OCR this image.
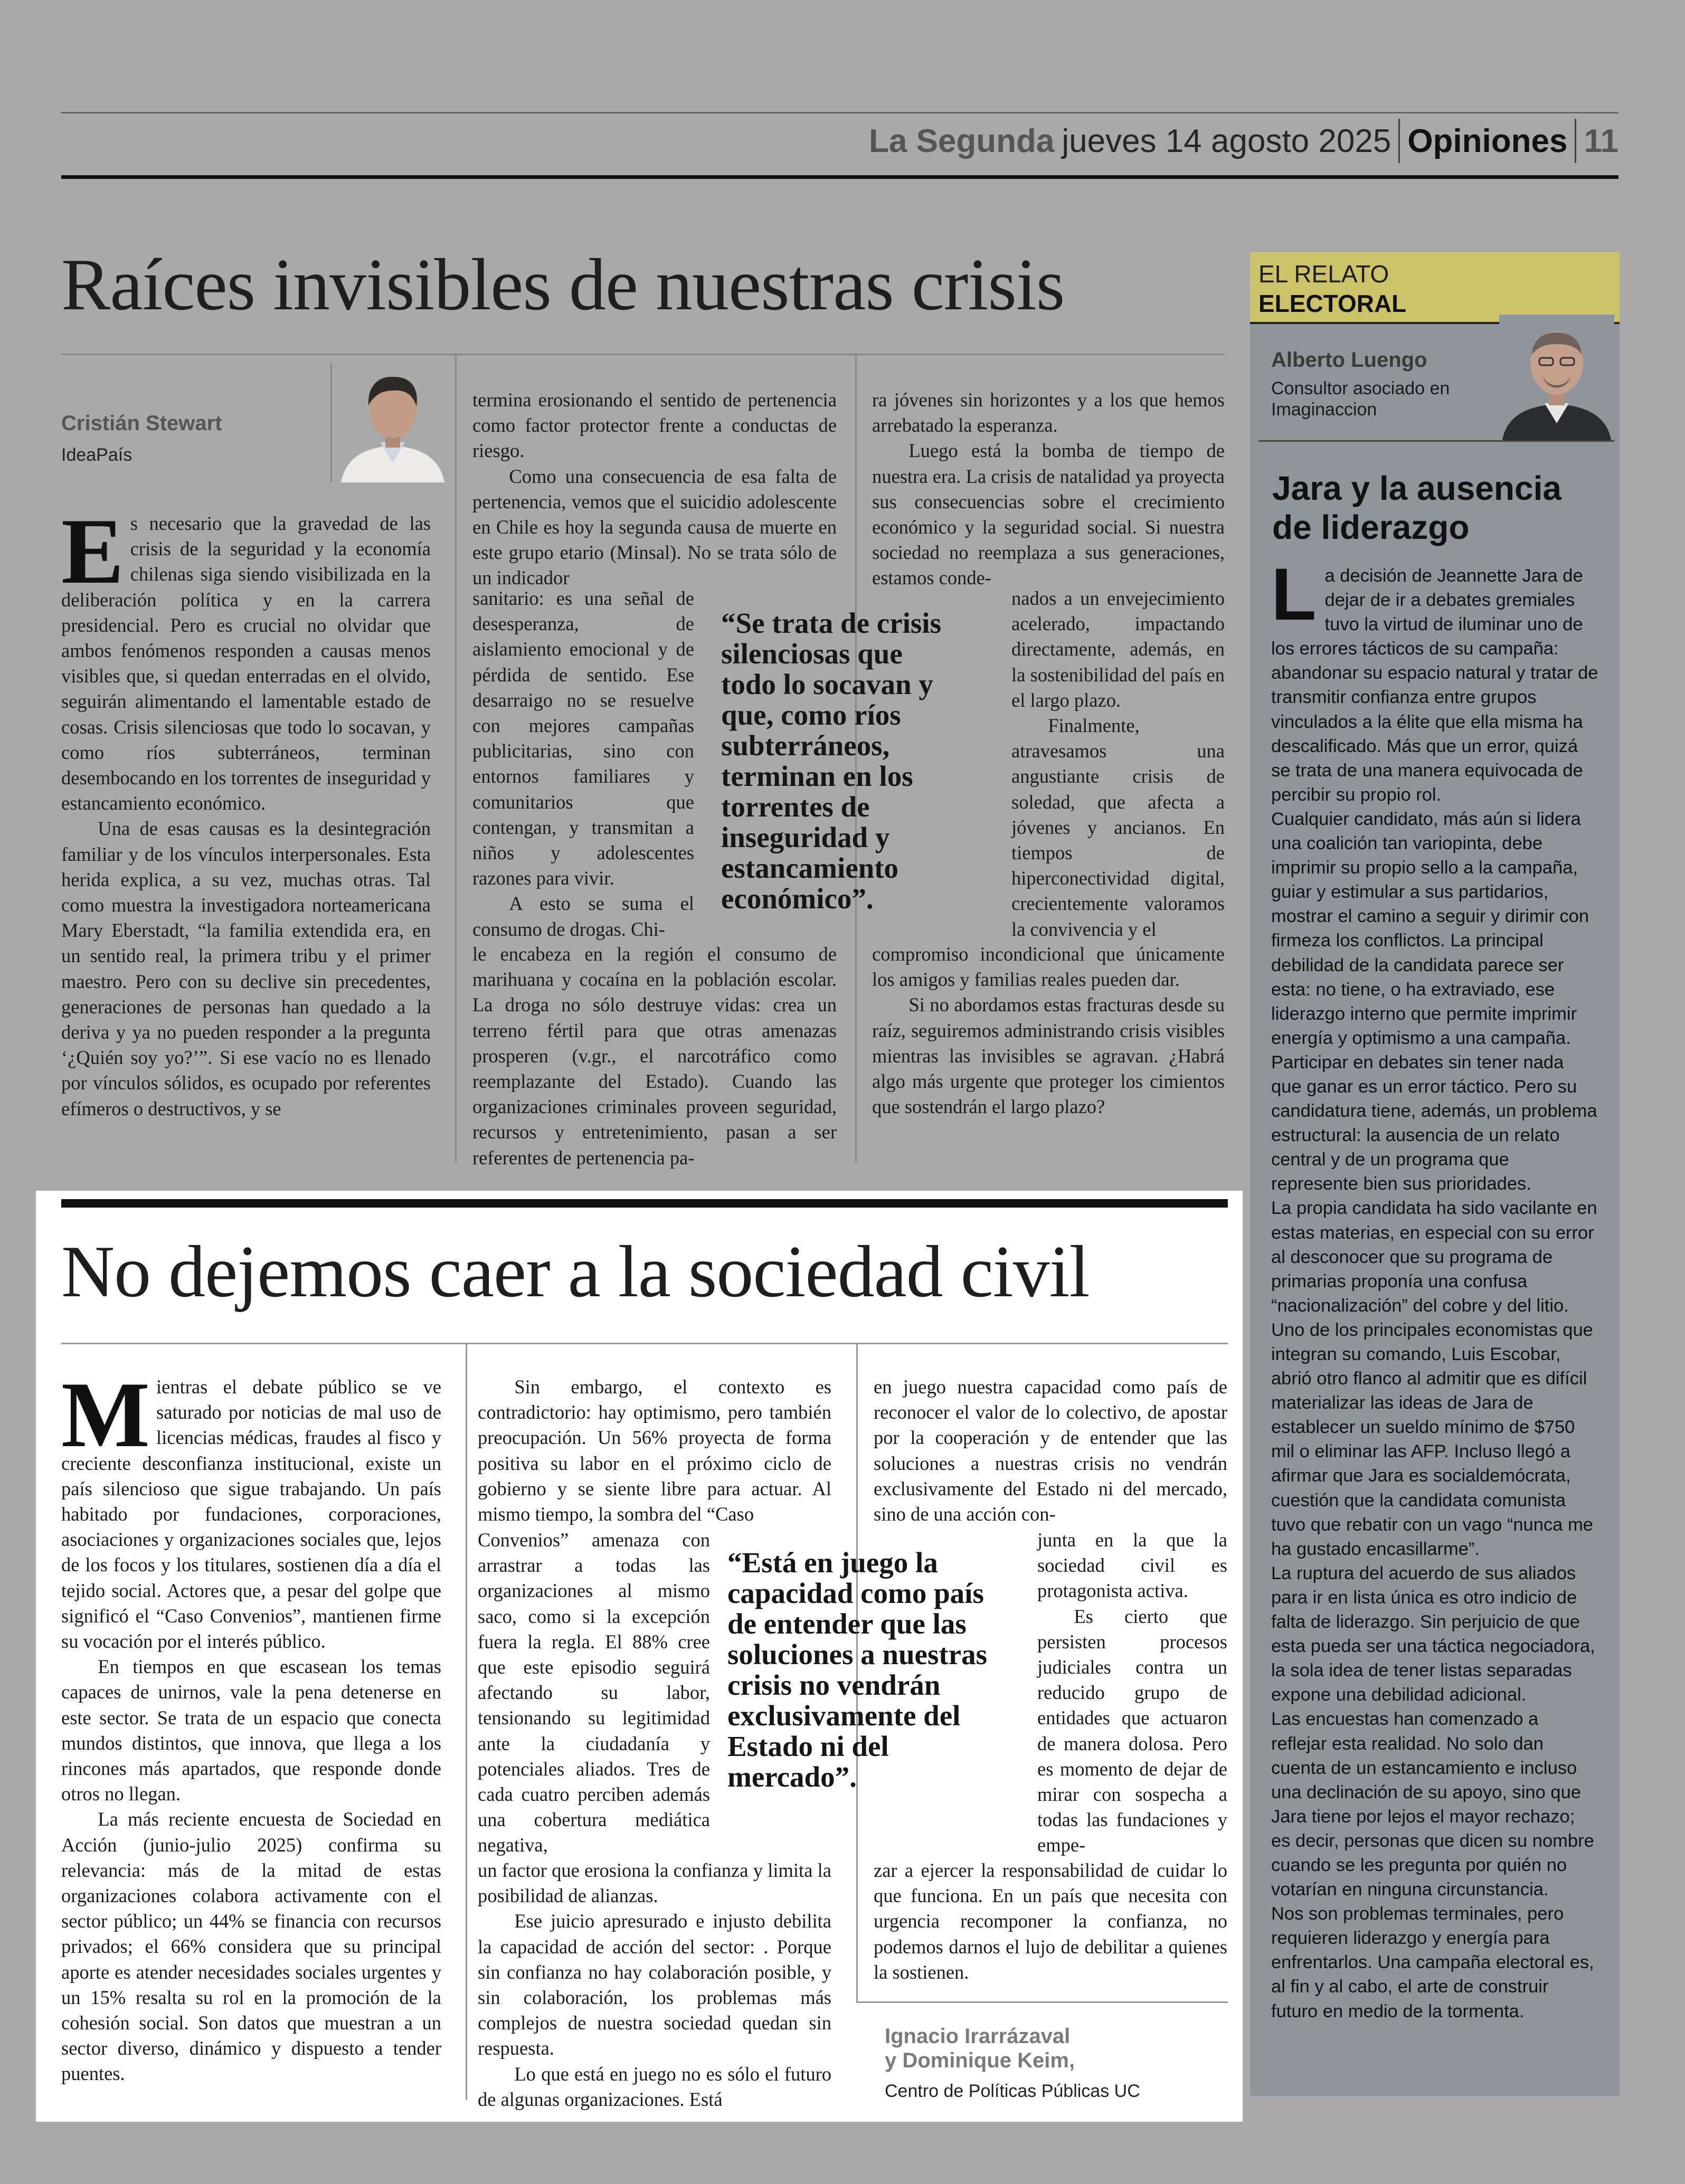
La Segunda jueves 14 agosto 2025 Opiniones 11
Raíces invisibles de nuestras crisis
Cristián Stewart
IdeaPaís

Es necesario que la gravedad de las crisis de la seguridad y la economía chilenas siga siendo visibilizada en la deliberación política y en la carrera presidencial. Pero es crucial no olvidar que ambos fenómenos responden a causas menos visibles que, si quedan enterradas en el olvido, seguirán alimentando el lamentable estado de cosas. Crisis silenciosas que todo lo socavan, y como ríos subterráneos, terminan desembocando en los torrentes de inseguridad y estancamiento económico.

Una de esas causas es la desintegración familiar y de los vínculos interpersonales. Esta herida explica, a su vez, muchas otras. Tal como muestra la investigadora norteamericana Mary Eberstadt, “la familia extendida era, en un sentido real, la primera tribu y el primer maestro. Pero con su declive sin precedentes, generaciones de personas han quedado a la deriva y ya no pueden responder a la pregunta ‘¿Quién soy yo?’”. Si ese vacío no es llenado por vínculos sólidos, es ocupado por referentes efímeros o destructivos, y se

termina erosionando el sentido de pertenencia como factor protector frente a conductas de riesgo.

Como una consecuencia de esa falta de pertenencia, vemos que el suicidio adolescente en Chile es hoy la segunda causa de muerte en este grupo etario (Minsal). No se trata sólo de un indicador

sanitario: es una señal de desesperanza, de aislamiento emocional y de pérdida de sentido. Ese desarraigo no se resuelve con mejores campañas publicitarias, sino con entornos familiares y comunitarios que contengan, y transmitan a niños y adolescentes razones para vivir.

A esto se suma el consumo de drogas. Chi-

le encabeza en la región el consumo de marihuana y cocaína en la población escolar. La droga no sólo destruye vidas: crea un terreno fértil para que otras amenazas prosperen (v.gr., el narcotráfico como reemplazante del Estado). Cuando las organizaciones criminales proveen seguridad, recursos y entretenimiento, pasan a ser referentes de pertenencia pa-

ra jóvenes sin horizontes y a los que hemos arrebatado la esperanza.

Luego está la bomba de tiempo de nuestra era. La crisis de natalidad ya proyecta sus consecuencias sobre el crecimiento económico y la seguridad social. Si nuestra sociedad no reemplaza a sus generaciones, estamos conde-

nados a un envejecimiento acelerado, impactando directamente, además, en la sostenibilidad del país en el largo plazo.

Finalmente, atravesamos una angustiante crisis de soledad, que afecta a jóvenes y ancianos. En tiempos de hiperconectividad digital, crecientemente valoramos la convivencia y el

compromiso incondicional que únicamente los amigos y familias reales pueden dar.

Si no abordamos estas fracturas desde su raíz, seguiremos administrando crisis visibles mientras las invisibles se agravan. ¿Habrá algo más urgente que proteger los cimientos que sostendrán el largo plazo?

“Se trata de crisis silenciosas que todo lo socavan y que, como ríos subterráneos, terminan en los torrentes de inseguridad y estancamiento económico”.
No dejemos caer a la sociedad civil

Mientras el debate público se ve saturado por noticias de mal uso de licencias médicas, fraudes al fisco y creciente desconfianza institucional, existe un país silencioso que sigue trabajando. Un país habitado por fundaciones, corporaciones, asociaciones y organizaciones sociales que, lejos de los focos y los titulares, sostienen día a día el tejido social. Actores que, a pesar del golpe que significó el “Caso Convenios”, mantienen firme su vocación por el interés público.

En tiempos en que escasean los temas capaces de unirnos, vale la pena detenerse en este sector. Se trata de un espacio que conecta mundos distintos, que innova, que llega a los rincones más apartados, que responde donde otros no llegan.

La más reciente encuesta de Sociedad en Acción (junio-julio 2025) confirma su relevancia: más de la mitad de estas organizaciones colabora activamente con el sector público; un 44% se financia con recursos privados; el 66% considera que su principal aporte es atender necesidades sociales urgentes y un 15% resalta su rol en la promoción de la cohesión social. Son datos que muestran a un sector diverso, dinámico y dispuesto a tender puentes.

Sin embargo, el contexto es contradictorio: hay optimismo, pero también preocupación. Un 56% proyecta de forma positiva su labor en el próximo ciclo de gobierno y se siente libre para actuar. Al mismo tiempo, la sombra del “Caso

Convenios” amenaza con arrastrar a todas las organizaciones al mismo saco, como si la excepción fuera la regla. El 88% cree que este episodio seguirá afectando su labor, tensionando su legitimidad ante la ciudadanía y potenciales aliados. Tres de cada cuatro perciben además una cobertura mediática negativa,

un factor que erosiona la confianza y limita la posibilidad de alianzas.

Ese juicio apresurado e injusto debilita la capacidad de acción del sector: . Porque sin confianza no hay colaboración posible, y sin colaboración, los problemas más complejos de nuestra sociedad quedan sin respuesta.

Lo que está en juego no es sólo el futuro de algunas organizaciones. Está

en juego nuestra capacidad como país de reconocer el valor de lo colectivo, de apostar por la cooperación y de entender que las soluciones a nuestras crisis no vendrán exclusivamente del Estado ni del mercado, sino de una acción con-

junta en la que la sociedad civil es protagonista activa.

Es cierto que persisten procesos judiciales contra un reducido grupo de entidades que actuaron de manera dolosa. Pero es momento de dejar de mirar con sospecha a todas las fundaciones y empe-

zar a ejercer la responsabilidad de cuidar lo que funciona. En un país que necesita con urgencia recomponer la confianza, no podemos darnos el lujo de debilitar a quienes la sostienen.

“Está en juego la capacidad como país de entender que las soluciones a nuestras crisis no vendrán exclusivamente del Estado ni del mercado”.
Ignacio Irarrázaval
y Dominique Keim,
Centro de Políticas Públicas UC
EL RELATO
ELECTORAL
Alberto Luengo
Consultor asociado en Imaginaccion
Jara y la ausencia de liderazgo

La decisión de Jeannette Jara de dejar de ir a debates gremiales tuvo la virtud de iluminar uno de los errores tácticos de su campaña: abandonar su espacio natural y tratar de transmitir confianza entre grupos vinculados a la élite que ella misma ha descalificado. Más que un error, quizá se trata de una manera equivocada de percibir su propio rol.

Cualquier candidato, más aún si lidera una coalición tan variopinta, debe imprimir su propio sello a la campaña, guiar y estimular a sus partidarios, mostrar el camino a seguir y dirimir con firmeza los conflictos. La principal debilidad de la candidata parece ser esta: no tiene, o ha extraviado, ese liderazgo interno que permite imprimir energía y optimismo a una campaña. Participar en debates sin tener nada que ganar es un error táctico. Pero su candidatura tiene, además, un problema estructural: la ausencia de un relato central y de un programa que represente bien sus prioridades.

La propia candidata ha sido vacilante en estas materias, en especial con su error al desconocer que su programa de primarias proponía una confusa “nacionalización” del cobre y del litio. Uno de los principales economistas que integran su comando, Luis Escobar, abrió otro flanco al admitir que es difícil materializar las ideas de Jara de establecer un sueldo mínimo de $750 mil o eliminar las AFP. Incluso llegó a afirmar que Jara es socialdemócrata, cuestión que la candidata comunista tuvo que rebatir con un vago “nunca me ha gustado encasillarme”.

La ruptura del acuerdo de sus aliados para ir en lista única es otro indicio de falta de liderazgo. Sin perjuicio de que esta pueda ser una táctica negociadora, la sola idea de tener listas separadas expone una debilidad adicional.

Las encuestas han comenzado a reflejar esta realidad. No solo dan cuenta de un estancamiento e incluso una declinación de su apoyo, sino que Jara tiene por lejos el mayor rechazo; es decir, personas que dicen su nombre cuando se les pregunta por quién no votarían en ninguna circunstancia.

Nos son problemas terminales, pero requieren liderazgo y energía para enfrentarlos. Una campaña electoral es, al fin y al cabo, el arte de construir futuro en medio de la tormenta.
